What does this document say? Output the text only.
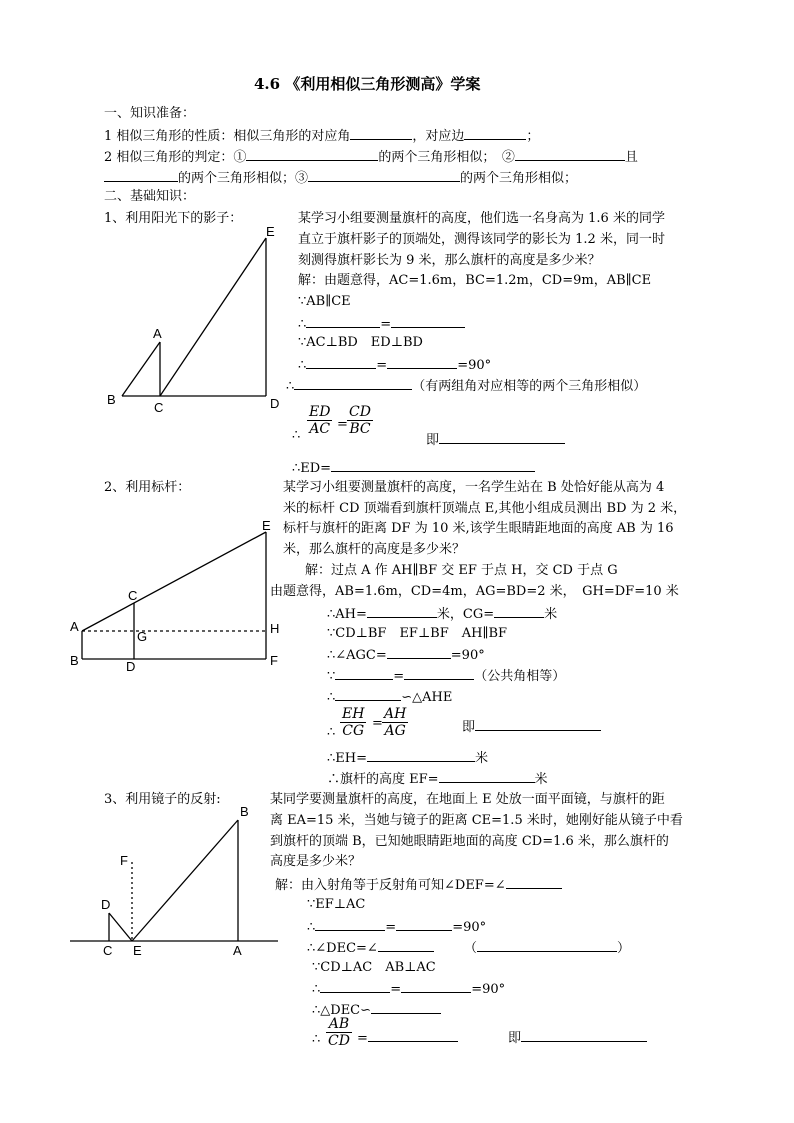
4.6 《利用相似三角形测高》学案
一、知识准备：
1 相似三角形的性质：相似三角形的对应角	，对应边	；
2 相似三角形的判定：①	的两个三角形相似；　②	且
的两个三角形相似；③	的两个三角形相似；
二、基础知识：
1、利用阳光下的影子：	某学习小组要测量旗杆的高度，他们选一名身高为 1.6 米的同学
直立于旗杆影子的顶端处，测得该同学的影长为 1.2 米，同一时
刻测得旗杆影长为 9 米，那么旗杆的高度是多少米？
解：由题意得，AC=1.6m，BC=1.2m，CD=9m，AB∥CE
∵AB∥CE
∴	=
∵AC⊥BD　ED⊥BD
∴	=	=90°
∴	（有两组角对应相等的两个三角形相似）
∴ $\frac{ED}{AC} = \frac{CD}{BC}$
即
∴ED=
2、利用标杆：	某学习小组要测量旗杆的高度，一名学生站在 B 处恰好能从高为 4
米的标杆 CD 顶端看到旗杆顶端点 E,其他小组成员测出 BD 为 2 米，
标杆与旗杆的距离 DF 为 10 米,该学生眼睛距地面的高度 AB 为 16
米，那么旗杆的高度是多少米？
解：过点 A 作 AH∥BF 交 EF 于点 H，交 CD 于点 G
由题意得，AB=1.6m，CD=4m，AG=BD=2 米，　GH=DF=10 米
∴AH=	米，CG=	米
∵CD⊥BF　EF⊥BF　AH∥BF
∴∠AGC=	=90°
∵	=	（公共角相等）
∴	∽△AHE
∴ $\frac{EH}{CG} = \frac{AH}{AG}$	即
∴EH=	米
∴旗杆的高度 EF=	米
3、利用镜子的反射:	某同学要测量旗杆的高度，在地面上 E 处放一面平面镜，与旗杆的距
离 EA=15 米，当她与镜子的距离 CE=1.5 米时，她刚好能从镜子中看
到旗杆的顶端 B，已知她眼睛距地面的高度 CD=1.6 米，那么旗杆的
高度是多少米？
解：由入射角等于反射角可知∠DEF=∠
∵EF⊥AC
∴	=	=90°
∴∠DEC=∠	（	）
∵CD⊥AC　AB⊥AC
∴	=	=90°
∴△DEC∽
∴ $\frac{AB}{CD}$ =	即
A
B
C	D
E
A
B
C
D
E
F
G
H
A
B
C
D
E
F
